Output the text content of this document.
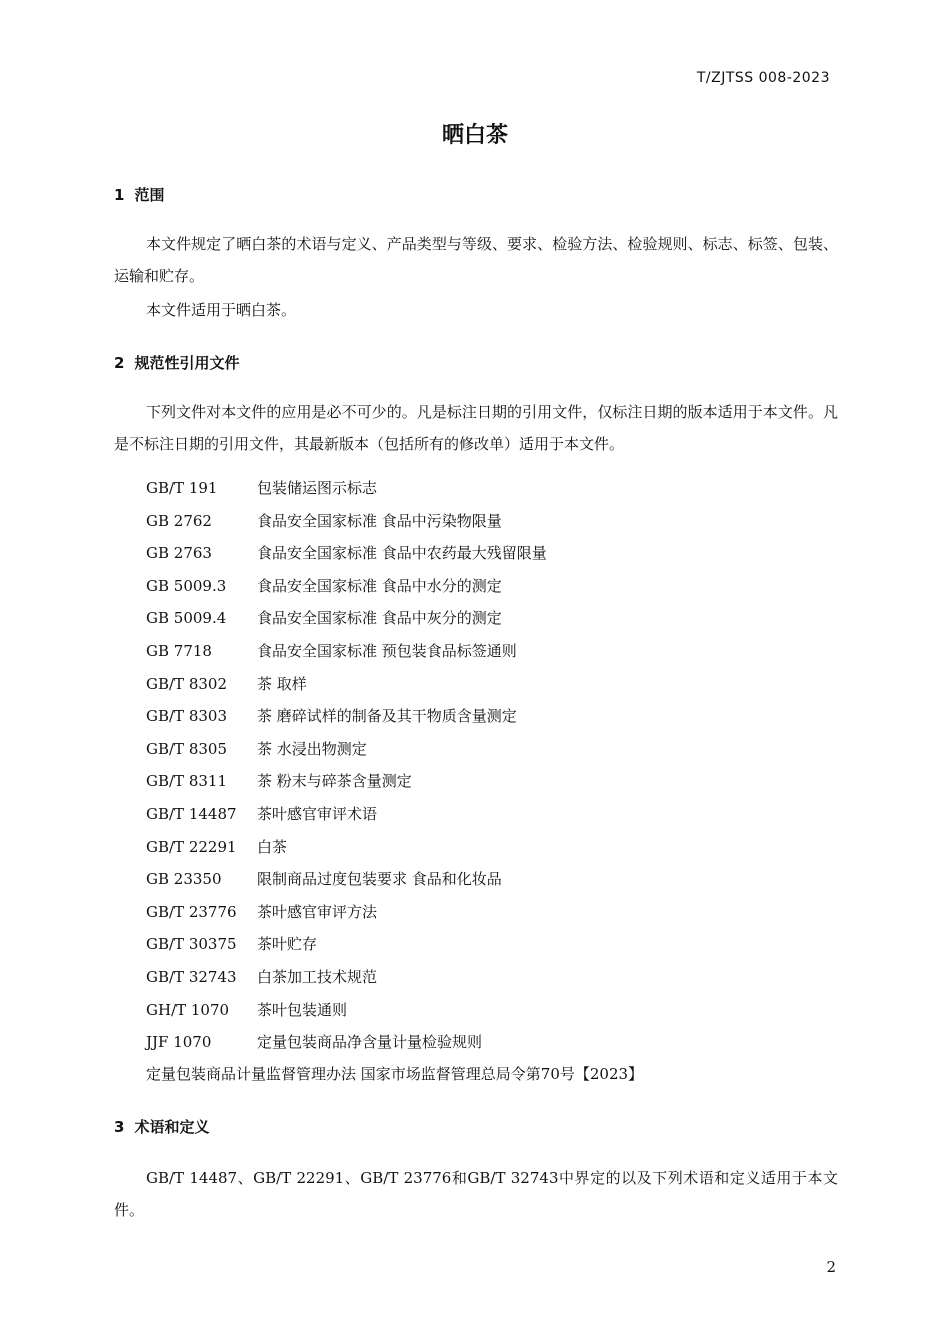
T/ZJTSS 008-2023
晒白茶
1 范围
本文件规定了晒白茶的术语与定义、产品类型与等级、要求、检验方法、检验规则、标志、标签、包装、运输和贮存。
本文件适用于晒白茶。
2 规范性引用文件
下列文件对本文件的应用是必不可少的。凡是标注日期的引用文件，仅标注日期的版本适用于本文件。凡是不标注日期的引用文件，其最新版本（包括所有的修改单）适用于本文件。
GB/T 191	包装储运图示标志
GB 2762	食品安全国家标准 食品中污染物限量
GB 2763	食品安全国家标准 食品中农药最大残留限量
GB 5009.3 食品安全国家标准 食品中水分的测定
GB 5009.4 食品安全国家标准 食品中灰分的测定
GB 7718	食品安全国家标准 预包装食品标签通则
GB/T 8302 茶 取样
GB/T 8303 茶 磨碎试样的制备及其干物质含量测定
GB/T 8305 茶 水浸出物测定
GB/T 8311 茶 粉末与碎茶含量测定
GB/T 14487 茶叶感官审评术语
GB/T 22291 白茶
GB 23350 限制商品过度包装要求 食品和化妆品
GB/T 23776 茶叶感官审评方法
GB/T 30375 茶叶贮存
GB/T 32743 白茶加工技术规范
GH/T 1070 茶叶包装通则
JJF 1070	定量包装商品净含量计量检验规则
定量包装商品计量监督管理办法 国家市场监督管理总局令第70号【2023】
3 术语和定义
GB/T 14487、GB/T 22291、GB/T 23776和GB/T 32743中界定的以及下列术语和定义适用于本文件。
2
